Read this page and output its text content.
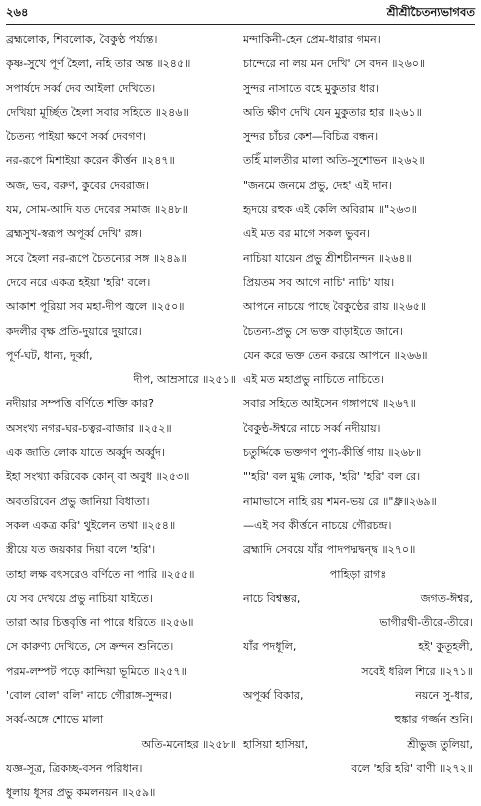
২৬৪	শ্রীশ্রীচৈতন্যভাগবত
ব্রহ্মলোক, শিবলোক, বৈকুণ্ঠ পর্য্যন্ত।
কৃষ্ণ-সুখে পূর্ণ হৈলা, নহি তার অন্ত ॥২৪৫॥
সপার্ষদে সর্ব্ব দেব আইলা দেখিতে।
দেখিয়া মূর্চ্ছিত হৈলা সবার সহিতে ॥২৪৬॥
চৈতন্য পাইয়া ক্ষণে সর্ব্ব দেবগণ।
নর-রূপে মিশাইয়া করেন কীর্ত্তন ॥২৪৭॥
অজ, ভব, বরুণ, কুবের দেবরাজ।
যম, সোম-আদি যত দেবের সমাজ ॥২৪৮॥
ব্রহ্মসুখ-স্বরূপ অপূর্ব্ব দেখি' রঙ্গ।
সবে হৈলা নর-রূপে চৈতন্যের সঙ্গ ॥২৪৯॥
দেবে নরে একত্র হইয়া 'হরি' বলে।
আকাশ পূরিয়া সব মহা-দীপ জ্বলে ॥২৫০॥
কদলীর বৃক্ষ প্রতি-দুয়ারে দুয়ারে।
পূর্ণ-ঘট, ধান্য, দূর্ব্বা,
দীপ, আম্রসারে ॥২৫১॥
নদীয়ার সম্পত্তি বর্ণিতে শক্তি কার?
অসংখ্য নগর-ঘর-চত্বর-বাজার ॥২৫২॥
এক জাতি লোক যাতে অর্ব্বুদ অর্ব্বুদ।
ইহা সংখ্যা করিবেক কোন্ বা অবুধ ॥২৫৩॥
অবতরিবেন প্রভু জানিয়া বিধাতা।
সকল একত্র করি' থুইলেন তথা ॥২৫৪॥
স্ত্রীয়ে যত জয়কার দিয়া বলে 'হরি'।
তাহা লক্ষ বৎসরেও বর্ণিতে না পারি ॥২৫৫॥
যে সব দেখয়ে প্রভু নাচিয়া যাইতে।
তারা আর চিত্তবৃত্তি না পারে ধরিতে ॥২৫৬॥
সে কারুণ্য দেখিতে, সে ক্রন্দন শুনিতে।
পরম-লম্পট পড়ে কান্দিয়া ভূমিতে ॥২৫৭॥
'বোল বোল' বলি' নাচে গৌরাঙ্গ-সুন্দর।
সর্ব্ব-অঙ্গে শোভে মালা
অতি-মনোহর ॥২৫৮॥
যজ্ঞ-সূত্র, ত্রিকচ্ছ-বসন পরিধান।
ধূলায় ধূসর প্রভু কমলনয়ন ॥২৫৯॥
মন্দাকিনী-হেন প্রেম-ধারার গমন।
চান্দেরে না লয় মন দেখি' সে বদন ॥২৬০॥
সুন্দর নাসাতে বহে মুকুতার ধার।
অতি ক্ষীণ দেখি যেন মুকুতার হার ॥২৬১॥
সুন্দর চাঁচর কেশ—বিচিত্র বন্ধন।
তহিঁ মালতীর মালা অতি-সুশোভন ॥২৬২॥
"জনমে জনমে প্রভু, দেহ' এই দান।
হৃদয়ে রহুক এই কেলি অবিরাম ॥"২৬৩॥
এই মত বর মাগে সকল ভুবন।
নাচিয়া যায়েন প্রভু শ্রীশচীনন্দন ॥২৬৪॥
প্রিয়তম সব আগে নাচি' নাচি' যায়।
আপনে নাচয়ে পাছে বৈকুণ্ঠের রায় ॥২৬৫॥
চৈতন্য-প্রভু সে ভক্ত বাড়াইতে জানে।
যেন করে ভক্ত তেন করয়ে আপনে ॥২৬৬॥
এই মত মহাপ্রভু নাচিতে নাচিতে।
সবার সহিতে আইসেন গঙ্গাপথে ॥২৬৭॥
বৈকুণ্ঠ-ঈশ্বরে নাচে সর্ব্ব নদীয়ায়।
চতুর্দ্দিকে ভক্তগণ পুণ্য-কীর্ত্তি গায় ॥২৬৮॥
"'হরি' বল মুগ্ধ লোক, 'হরি' 'হরি' বল রে।
নামাভাসে নাহি রয় শমন-ভয় রে ॥"ধ্রু॥২৬৯॥
—এই সব কীর্ত্তনে নাচয়ে গৌরচন্দ্র।
ব্রহ্মাদি সেবয়ে যাঁর পাদপদ্মদ্বন্দ্ব ॥২৭০॥
পাহিড়া রাগঃ
নাচে বিশ্বম্ভর,	জগত-ঈশ্বর,
ভাগীরথী-তীরে-তীরে।
যাঁর পদধূলি,	হই' কুতূহলী,
সবেই ধরিল শিরে ॥২৭১॥
অপূর্ব্ব বিকার,	নয়নে সু-ধার,
হুঙ্কার গর্জ্জন শুনি।
হাসিয়া হাসিয়া,	শ্রীভুজ তুলিয়া,
বলে 'হরি হরি' বাণী ॥২৭২॥
